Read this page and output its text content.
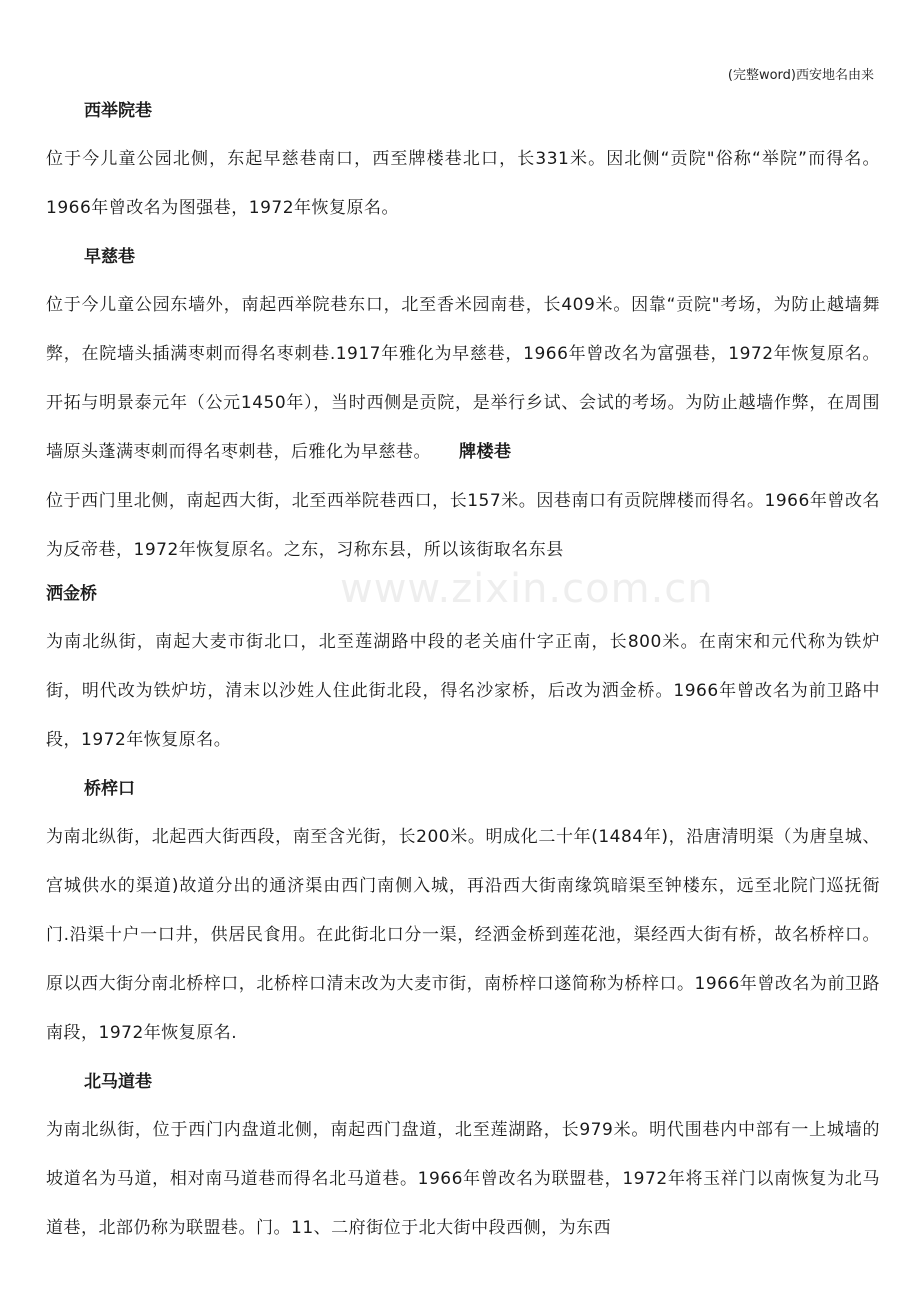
(完整word)西安地名由来
www.zixin.com.cn
西举院巷

位于今儿童公园北侧，东起早慈巷南口，西至牌楼巷北口，长331米。因北侧“贡院"俗称“举院”而得名。1966年曾改名为图强巷，1972年恢复原名。

早慈巷

位于今儿童公园东墙外，南起西举院巷东口，北至香米园南巷，长409米。因靠“贡院"考场，为防止越墙舞弊，在院墙头插满枣刺而得名枣刺巷.1917年雅化为早慈巷，1966年曾改名为富强巷，1972年恢复原名。开拓与明景泰元年（公元1450年），当时西侧是贡院，是举行乡试、会试的考场。为防止越墙作弊，在周围墙原头蓬满枣刺而得名枣刺巷，后雅化为早慈巷。 牌楼巷

位于西门里北侧，南起西大街，北至西举院巷西口，长157米。因巷南口有贡院牌楼而得名。1966年曾改名为反帝巷，1972年恢复原名。之东，习称东县，所以该街取名东县

洒金桥

为南北纵街，南起大麦市街北口，北至莲湖路中段的老关庙什字正南，长800米。在南宋和元代称为铁炉街，明代改为铁炉坊，清末以沙姓人住此街北段，得名沙家桥，后改为洒金桥。1966年曾改名为前卫路中段，1972年恢复原名。

桥梓口

为南北纵街，北起西大街西段，南至含光街，长200米。明成化二十年(1484年)，沿唐清明渠（为唐皇城、宫城供水的渠道)故道分出的通济渠由西门南侧入城，再沿西大街南缘筑暗渠至钟楼东，远至北院门巡抚衙门.沿渠十户一口井，供居民食用。在此街北口分一渠，经洒金桥到莲花池，渠经西大街有桥，故名桥梓口。原以西大街分南北桥梓口，北桥梓口清末改为大麦市街，南桥梓口遂简称为桥梓口。1966年曾改名为前卫路南段，1972年恢复原名.

北马道巷

为南北纵街，位于西门内盘道北侧，南起西门盘道，北至莲湖路，长979米。明代围巷内中部有一上城墙的坡道名为马道，相对南马道巷而得名北马道巷。1966年曾改名为联盟巷，1972年将玉祥门以南恢复为北马道巷，北部仍称为联盟巷。门。11、二府街位于北大街中段西侧，为东西
